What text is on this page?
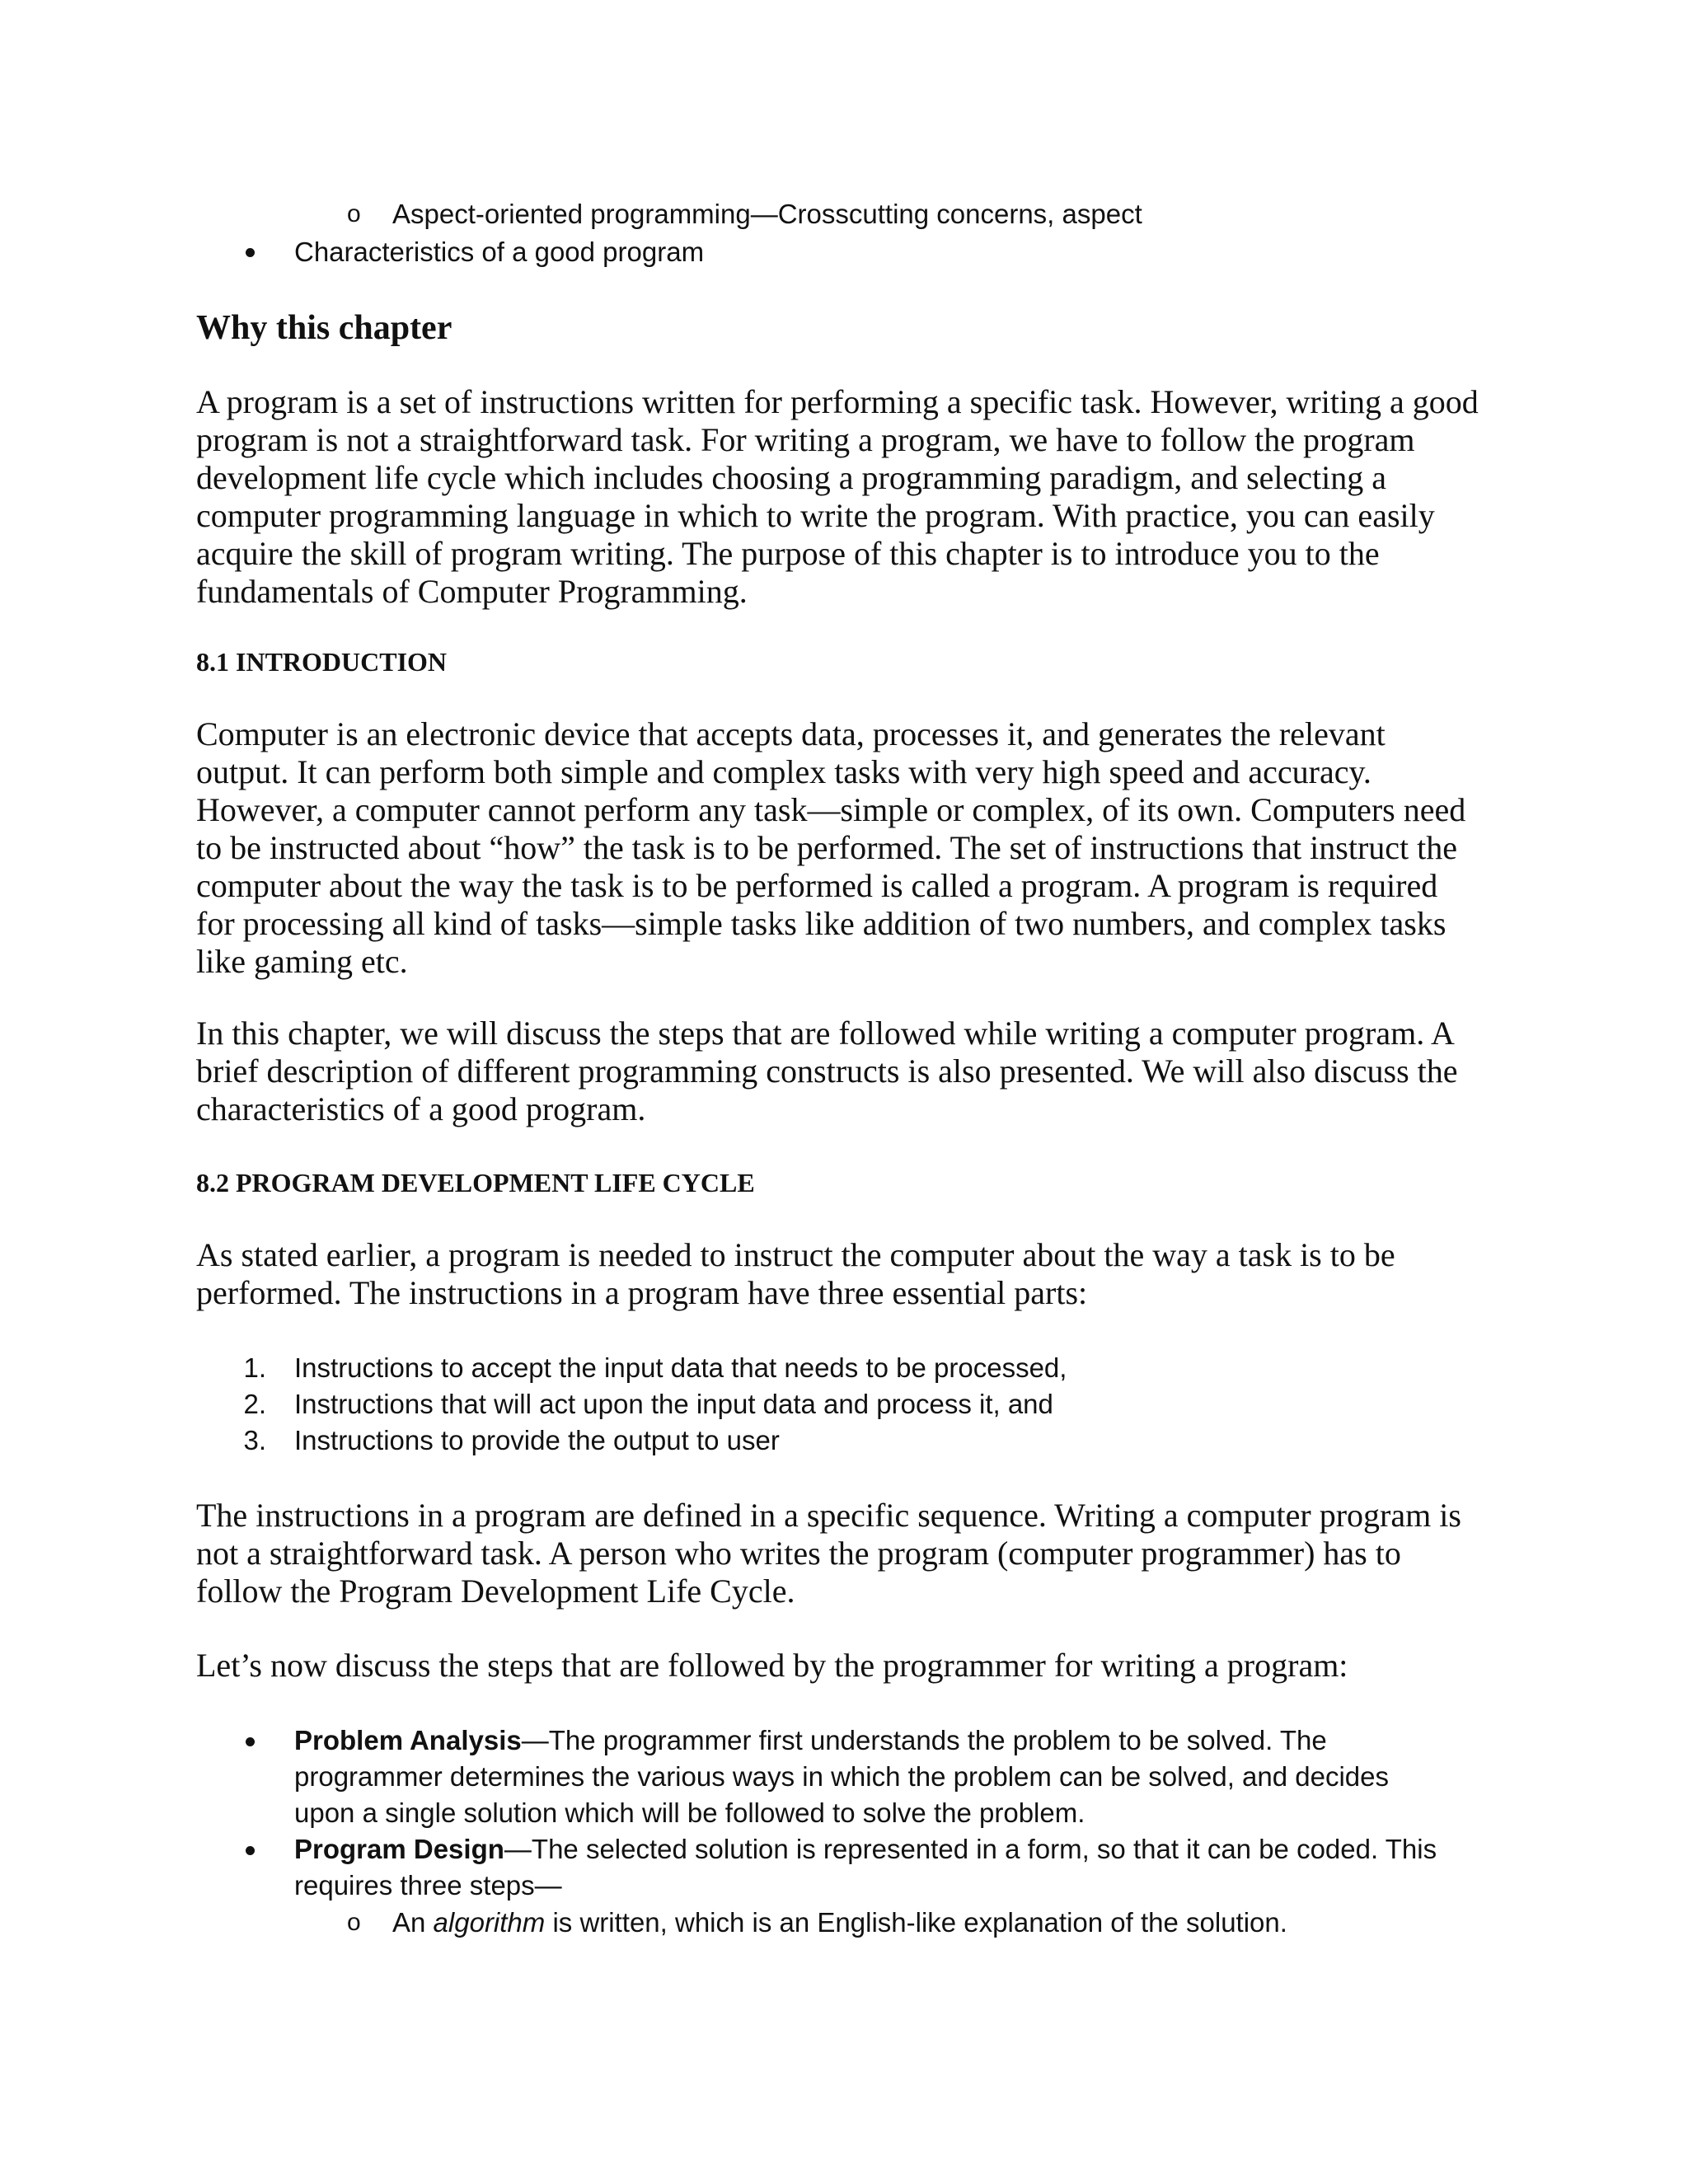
o Aspect-oriented programming—Crosscutting concerns, aspect
Characteristics of a good program
Why this chapter
A program is a set of instructions written for performing a specific task. However, writing a good
program is not a straightforward task. For writing a program, we have to follow the program
development life cycle which includes choosing a programming paradigm, and selecting a
computer programming language in which to write the program. With practice, you can easily
acquire the skill of program writing. The purpose of this chapter is to introduce you to the
fundamentals of Computer Programming.
8.1 INTRODUCTION
Computer is an electronic device that accepts data, processes it, and generates the relevant
output. It can perform both simple and complex tasks with very high speed and accuracy.
However, a computer cannot perform any task—simple or complex, of its own. Computers need
to be instructed about “how” the task is to be performed. The set of instructions that instruct the
computer about the way the task is to be performed is called a program. A program is required
for processing all kind of tasks—simple tasks like addition of two numbers, and complex tasks
like gaming etc.
In this chapter, we will discuss the steps that are followed while writing a computer program. A
brief description of different programming constructs is also presented. We will also discuss the
characteristics of a good program.
8.2 PROGRAM DEVELOPMENT LIFE CYCLE
As stated earlier, a program is needed to instruct the computer about the way a task is to be
performed. The instructions in a program have three essential parts:
1. Instructions to accept the input data that needs to be processed,
2. Instructions that will act upon the input data and process it, and
3. Instructions to provide the output to user
The instructions in a program are defined in a specific sequence. Writing a computer program is
not a straightforward task. A person who writes the program (computer programmer) has to
follow the Program Development Life Cycle.
Let’s now discuss the steps that are followed by the programmer for writing a program:
Problem Analysis—The programmer first understands the problem to be solved. The
programmer determines the various ways in which the problem can be solved, and decides
upon a single solution which will be followed to solve the problem.
Program Design—The selected solution is represented in a form, so that it can be coded. This
requires three steps—
o An algorithm is written, which is an English-like explanation of the solution.
